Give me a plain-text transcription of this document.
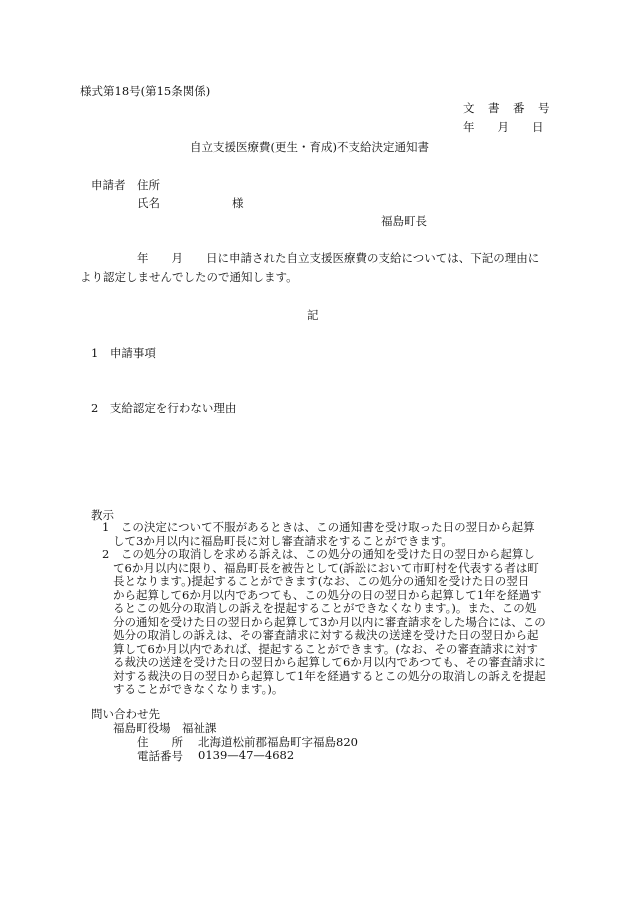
様式第18号(第15条関係)
文　書　番　号
年　　月　　日
自立支援医療費(更生・育成)不支給決定通知書
申請者 住所
氏名	様
福島町長
年　　月　　日に申請された自立支援医療費の支給については、下記の理由に
より認定しませんでしたので通知します。
記
1　申請事項
2　支給認定を行わない理由
教示
1　この決定について不服があるときは、この通知書を受け取った日の翌日から起算
して3か月以内に福島町長に対し審査請求をすることができます。
2　この処分の取消しを求める訴えは、この処分の通知を受けた日の翌日から起算し
て6か月以内に限り、福島町長を被告として(訴訟において市町村を代表する者は町
長となります。)提起することができます(なお、この処分の通知を受けた日の翌日
から起算して6か月以内であつても、この処分の日の翌日から起算して1年を経過す
るとこの処分の取消しの訴えを提起することができなくなります。)。また、この処
分の通知を受けた日の翌日から起算して3か月以内に審査請求をした場合には、この
処分の取消しの訴えは、その審査請求に対する裁決の送達を受けた日の翌日から起
算して6か月以内であれば、提起することができます。(なお、その審査請求に対す
る裁決の送達を受けた日の翌日から起算して6か月以内であつても、その審査請求に
対する裁決の日の翌日から起算して1年を経過するとこの処分の取消しの訴えを提起
することができなくなります。)。
問い合わせ先
福島町役場　福祉課
住　　所 北海道松前郡福島町字福島820
電話番号 0139—47—4682
